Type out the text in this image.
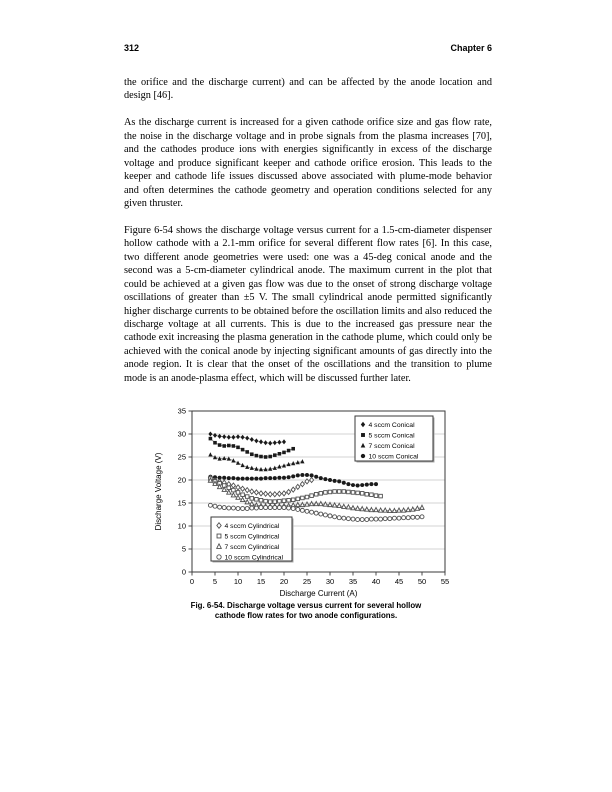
312	Chapter 6

the orifice and the discharge current) and can be affected by the anode location and design [46].

As the discharge current is increased for a given cathode orifice size and gas flow rate, the noise in the discharge voltage and in probe signals from the plasma increases [70], and the cathodes produce ions with energies significantly in excess of the discharge voltage and produce significant keeper and cathode orifice erosion. This leads to the keeper and cathode life issues discussed above associated with plume-mode behavior and often determines the cathode geometry and operation conditions selected for any given thruster.

Figure 6-54 shows the discharge voltage versus current for a 1.5-cm-diameter dispenser hollow cathode with a 2.1-mm orifice for several different flow rates [6]. In this case, two different anode geometries were used: one was a 45-deg conical anode and the second was a 5-cm-diameter cylindrical anode. The maximum current in the plot that could be achieved at a given gas flow was due to the onset of strong discharge voltage oscillations of greater than ±5 V. The small cylindrical anode permitted significantly higher discharge currents to be obtained before the oscillation limits and also reduced the discharge voltage at all currents. This is due to the increased gas pressure near the cathode exit increasing the plasma generation in the cathode plume, which could only be achieved with the conical anode by injecting significant amounts of gas directly into the anode region. It is clear that the onset of the oscillations and the transition to plume mode is an anode-plasma effect, which will be discussed further later.

0	5 10 15 20 25 30 35 40 45 50 55
0
5
10
15
20
25
30
35
Discharge Current (A)
Discharge Voltage (V)
4 sccm Conical
5 sccm Conical
7 sccm Conical
10 sccm Conical
4 sccm Cylindrical
5 sccm Cylindrical
7 sccm Cylindrical
10 sccm Cylindrical
Fig. 6-54. Discharge voltage versus current for several hollow
cathode flow rates for two anode configurations.
